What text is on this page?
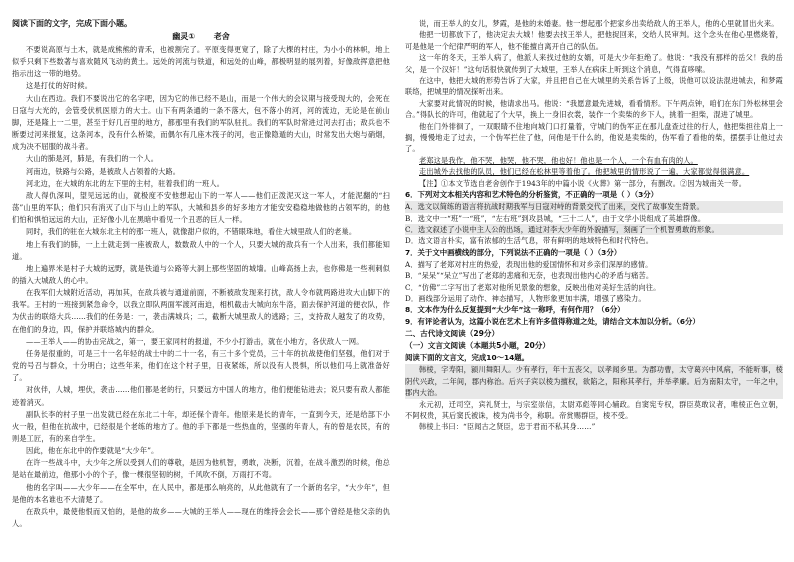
阅读下面的文字，完成下面小题。
幽灵① 老舍

不要说高原与土木，就是成熊熊的青禾，也被割完了。平原变得更宽了，除了大棵的村庄，为小小的林帜，地上似乎只剩下些数著与喜欢随风飞动的黄土。远处的河流与铁道，和远处的山峰，都极明显的展列着，好像敌挥意把他指示出这一带的地势。

这是打仗的好时候。

大山在西边。我们不要说出它的名字吧，因为它的伟已经不是山，而是一个伟大的会议期与接受现大的，会死在日寇与大光的，会管受伏机医原力的大士。山下有两条通的一条不落大，包不落小的河，河的流边，无论是在前山脚，还是隆上一二里，甚至于好几百里的地方，都那里有我们的军队驻扎。我们的军队时常进过河去打击；敌兵也不断要过河来报复，这条河本，没有什么桥梁，而偶尔有几座木筏子的河，也正像隐遁的大山，时常发出大炮与硝烟，成为决不屈服的战斗者。

大山的肺是河，肺是，有我们的一个人。

河南边，铁路与公路，是被敌人占领着的大路。

河北边，在大城的东北的左下里的主村，驻着我们的一班人。

敌人得仇深叫，望见远远的山，就极度不安他想起山下的一军人——他们正泼泥灭这一军人，才能泥翻的“扫荡”山里的军队；他们只有消灭了山下与山上的军队，大城和县乡的好多地方才能安安稳稳地做他的占领军的，的他们怕和惧怕远远的大山，正好像小儿在黑暗中看见一个丑恶的巨人一样。

同时，我们的驻在大城东北主村的那一班人，就像甜户似的，不错眼珠地，看住大城里敌人们的老巢。

地上有我们的肺，一上土就走到一座被敌人，数数敌人中的一个人，只要大城的敌兵有一个人出来，我们都能知道。

地上遍界米是村子大城的远野，就是铁道与公路等大洞上那些坚固的城墙。山峰高扬上去，也你佛是一些利刺似的插入大城敌人的心中。

在我军们大城附近活动，再加其，在敌兵被与通道前面，不断被敌发现来打扰，敌人令布就两路进攻大山脚下的我军。王村的一班接到紧急命令，以我立即队两面军渡河南迫，相机截击大城向东牛洛，面去保护河道的便衣队，作为伏击的联络大兵……我们的任务是：一，袭击满城兵；二，截断大城里敌人的逃路；三，支持敌人越发了的攻势，在他们的身边，四，保护并联络城内的群众。

——王举人——的协击完战之，第一，要王家同村的报道，不少小打游击，就在小地方，各伏敌人一网。

任务是很重的，可是三十一名年轻的战士中的二十一名，有三十多个党员，三十年的抗战使他们坚强，他们对于党的号召与群众，十分明白；这些年来，他们在这个村子里，日夜紧练，所以没有人畏惧，所以他们马上就准备好了。

对伙伴，人城，埋伏，袭击……他们都是老的行，只要远方中国人的地方，他们便能钻进去；说只要有敌人都能迹着消灭。

副队长李的村子里一出发就已经在东北二十年，却还保个青年。他原来是长的青年，一直到今天，还是给部下小火一般，但他在抗战中，已经很是个老练的地方了。他的手下都是一些热血的，坚强的年青人，有的曾是农民，有的则是工匠，有的来自学生。

因此，他在东北中的作要就是“大少年”。

在许一些战斗中，大少年之所以受到人们的尊敬，是因为他机智，勇敢，决断，沉着，在战斗激烈的时候，他总是站在最前边，他那小小的个子，像一棵很坚韧的树，千风吹不倒，万雨打不弯。

他的名字叫——大少年——在全军中，在人民中，都是那么响亮的，从此他就有了一个新的名字，“大少年”，但是他的本名谁也不大清楚了。

在敌兵中，最使他恨而又怕的，是他的故乡——大城的王举人——现在的维持会会长——那个曾经是他父亲的仇人。

说，而王举人的女儿，梦霞，是他的未婚妻。他一想起那个把家乡出卖给敌人的王举人，他的心里就冒出火来。

他把一切都放下了，他决定去大城！他要去找王举人，把他捉回来，交给人民审判。这个念头在他心里燃烧着，可是他是一个纪律严明的军人，他不能擅自离开自己的队伍。

这一年的冬天，王举人病了，他派人来找过他的女婿，可是大少年拒绝了。他说：“我没有那样的岳父！我的岳父，是一个汉奸！”这句话很快就传到了大城里，王举人在病床上听到这个消息，气得直哆嗦。

在这中，他把大城的形势告诉了大家，并且把自己在大城里的关系告诉了上级，说他可以设法混进城去，和梦霞联络，把城里的情况探听出来。

大家要对此情况的时候，他请求出马。他说：“我愿意最先进城，看看情形。下午两点钟，咱们在东门外松林里会合。”得队长的许可，他就起了个大早，换上一身旧衣裳，装作一个卖柴的乡下人，挑着一担柴，混进了城里。

他在门外徘徊了，一双眼睛不住地向城门口打量着，守城门的伪军正在那儿盘查过往的行人，他把柴担往肩上一搁，慢慢地走了过去，一个伪军拦住了他，问他是干什么的，他说是卖柴的，伪军看了看他的柴，摆摆手让他过去了。

老郑这是我作，他不哭，他哭，他不哭，他也好！他也是一个人，一个有血有肉的人。

走出城外去找他的队员，他们已经在松林里等着他了。他把城里的情形说了一遍，大家都觉得很满意。

【注】①本文节选自老舍创作于1943年的中篇小说《火葬》第一部分，有删改。②因为城南关一带。

6．下列对文本相关内容和艺术特色的分析鉴赏，不正确的一项是（ ）（3分）

A．选文以简练的语言将抗战时期我军与日寇对峙的背景交代了出来，交代了故事发生背景。

B．选文中一“班”一“班”，“左右班”到攻县城，“三十二人”，由于文学小说组成了英雄群像。

C．选文叙述了小说中主人公的出场，通过对李大少年的外貌描写，刻画了一个机智勇敢的形象。

D．选文语言朴实，富有浓郁的生活气息，带有鲜明的地域特色和时代特色。

7．关于文中画横线的部分，下列说法不正确的一项是（ ）（3分）

A．描写了老郑对村庄的热爱，表现出他的爱国情怀和对乡亲们深厚的感情。

B．“呆呆”“呆立”写出了老郑的悲痛和无奈，也表现出他内心的矛盾与痛苦。

C．“仿佛”二字写出了老郑对他所见景象的想象，反映出他对美好生活的向往。

D．画线部分运用了动作、神态描写，人物形象更加丰满，增强了感染力。

8．文本作为什么反复提到“大少年”这一称呼，有何作用？（6分）
9．有评论者认为，这篇小说在艺术上有许多值得称道之处，请结合文本加以分析。（6分）
二、古代诗文阅读（29分）
（一）文言文阅读（本题共5小题，20分）
阅读下面的文言文，完成10～14题。

韩棱，字寿阳，颍川舞阳人。少有孝行，年十五丧父，以孝闻乡里。为郡功曹，太守葛兴中风病，不能听事，棱阴代兴政，二年间，郡内称治。后兴子宾以棱为擅权，欲陷之，阳称其孝行，并举孝廉。后为南阳太守，一年之中，郡内大治。

永元初，迁司空，宾礼贤士，与宗室崇信，太尉邓彪等同心辅政。自窦宪专权，群臣莫敢议者，唯棱正色立朝，不阿权贵，其后窦氏被诛，棱为尚书令，称职。帝赏赐群臣，棱不受。

韩棱上书曰：“臣闻古之贤臣，忠于君而不私其身……”
